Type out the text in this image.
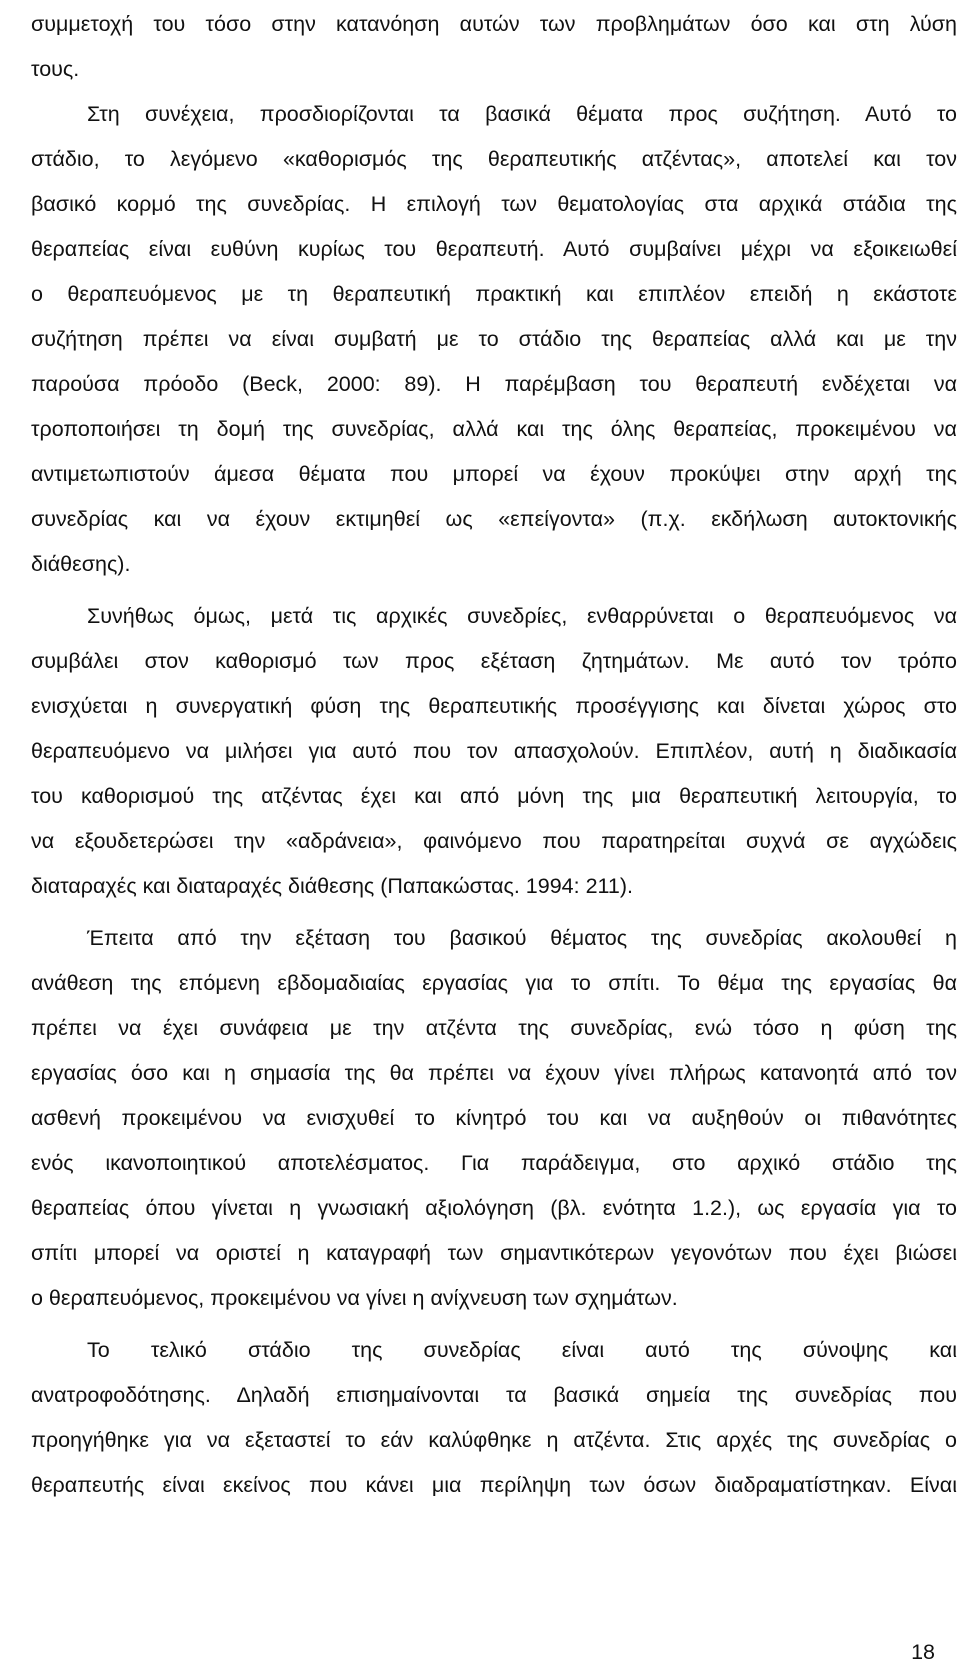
συμμετοχή του τόσο στην κατανόηση αυτών των προβλημάτων όσο και στη λύση
τους.
Στη συνέχεια, προσδιορίζονται τα βασικά θέματα προς συζήτηση. Αυτό το
στάδιο, το λεγόμενο «καθορισμός της θεραπευτικής ατζέντας», αποτελεί και τον
βασικό κορμό της συνεδρίας. Η επιλογή των θεματολογίας στα αρχικά στάδια της
θεραπείας είναι ευθύνη κυρίως του θεραπευτή. Αυτό συμβαίνει μέχρι να εξοικειωθεί
ο θεραπευόμενος με τη θεραπευτική πρακτική και επιπλέον επειδή η εκάστοτε
συζήτηση πρέπει να είναι συμβατή με το στάδιο της θεραπείας αλλά και με την
παρούσα πρόοδο (Beck, 2000: 89). Η παρέμβαση του θεραπευτή ενδέχεται να
τροποποιήσει τη δομή της συνεδρίας, αλλά και της όλης θεραπείας, προκειμένου να
αντιμετωπιστούν άμεσα θέματα που μπορεί να έχουν προκύψει στην αρχή της
συνεδρίας και να έχουν εκτιμηθεί ως «επείγοντα» (π.χ. εκδήλωση αυτοκτονικής
διάθεσης).
Συνήθως όμως, μετά τις αρχικές συνεδρίες, ενθαρρύνεται ο θεραπευόμενος να
συμβάλει στον καθορισμό των προς εξέταση ζητημάτων. Με αυτό τον τρόπο
ενισχύεται η συνεργατική φύση της θεραπευτικής προσέγγισης και δίνεται χώρος στο
θεραπευόμενο να μιλήσει για αυτό που τον απασχολούν. Επιπλέον, αυτή η διαδικασία
του καθορισμού της ατζέντας έχει και από μόνη της μια θεραπευτική λειτουργία, το
να εξουδετερώσει την «αδράνεια», φαινόμενο που παρατηρείται συχνά σε αγχώδεις
διαταραχές και διαταραχές διάθεσης (Παπακώστας. 1994: 211).
Έπειτα από την εξέταση του βασικού θέματος της συνεδρίας ακολουθεί η
ανάθεση της επόμενη εβδομαδιαίας εργασίας για το σπίτι. Το θέμα της εργασίας θα
πρέπει να έχει συνάφεια με την ατζέντα της συνεδρίας, ενώ τόσο η φύση της
εργασίας όσο και η σημασία της θα πρέπει να έχουν γίνει πλήρως κατανοητά από τον
ασθενή προκειμένου να ενισχυθεί το κίνητρό του και να αυξηθούν οι πιθανότητες
ενός ικανοποιητικού αποτελέσματος. Για παράδειγμα, στο αρχικό στάδιο της
θεραπείας όπου γίνεται η γνωσιακή αξιολόγηση (βλ. ενότητα 1.2.), ως εργασία για το
σπίτι μπορεί να οριστεί η καταγραφή των σημαντικότερων γεγονότων που έχει βιώσει
ο θεραπευόμενος, προκειμένου να γίνει η ανίχνευση των σχημάτων.
Το τελικό στάδιο της συνεδρίας είναι αυτό της σύνοψης και
ανατροφοδότησης. Δηλαδή επισημαίνονται τα βασικά σημεία της συνεδρίας που
προηγήθηκε για να εξεταστεί το εάν καλύφθηκε η ατζέντα. Στις αρχές της συνεδρίας ο
θεραπευτής είναι εκείνος που κάνει μια περίληψη των όσων διαδραματίστηκαν. Είναι
18
